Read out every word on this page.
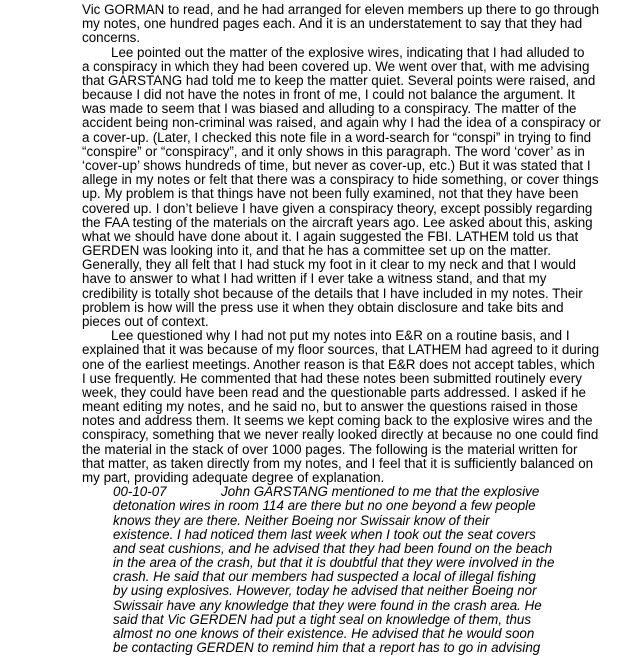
Vic GORMAN to read, and he had arranged for eleven members up there to go through
my notes, one hundred pages each. And it is an understatement to say that they had
concerns.
Lee pointed out the matter of the explosive wires, indicating that I had alluded to
a conspiracy in which they had been covered up. We went over that, with me advising
that GARSTANG had told me to keep the matter quiet. Several points were raised, and
because I did not have the notes in front of me, I could not balance the argument. It
was made to seem that I was biased and alluding to a conspiracy. The matter of the
accident being non-criminal was raised, and again why I had the idea of a conspiracy or
a cover-up. (Later, I checked this note file in a word-search for “conspi” in trying to find
“conspire” or “conspiracy”, and it only shows in this paragraph. The word ‘cover’ as in
‘cover-up’ shows hundreds of time, but never as cover-up, etc.) But it was stated that I
allege in my notes or felt that there was a conspiracy to hide something, or cover things
up. My problem is that things have not been fully examined, not that they have been
covered up. I don’t believe I have given a conspiracy theory, except possibly regarding
the FAA testing of the materials on the aircraft years ago. Lee asked about this, asking
what we should have done about it. I again suggested the FBI. LATHEM told us that
GERDEN was looking into it, and that he has a committee set up on the matter.
Generally, they all felt that I had stuck my foot in it clear to my neck and that I would
have to answer to what I had written if I ever take a witness stand, and that my
credibility is totally shot because of the details that I have included in my notes. Their
problem is how will the press use it when they obtain disclosure and take bits and
pieces out of context.
Lee questioned why I had not put my notes into E&R on a routine basis, and I
explained that it was because of my floor sources, that LATHEM had agreed to it during
one of the earliest meetings. Another reason is that E&R does not accept tables, which
I use frequently. He commented that had these notes been submitted routinely every
week, they could have been read and the questionable parts addressed. I asked if he
meant editing my notes, and he said no, but to answer the questions raised in those
notes and address them. It seems we kept coming back to the explosive wires and the
conspiracy, something that we never really looked directly at because no one could find
the material in the stack of over 1000 pages. The following is the material written for
that matter, as taken directly from my notes, and I feel that it is sufficiently balanced on
my part, providing adequate degree of explanation.
00-10-07	John GARSTANG mentioned to me that the explosive
detonation wires in room 114 are there but no one beyond a few people
knows they are there. Neither Boeing nor Swissair know of their
existence. I had noticed them last week when I took out the seat covers
and seat cushions, and he advised that they had been found on the beach
in the area of the crash, but that it is doubtful that they were involved in the
crash. He said that our members had suspected a local of illegal fishing
by using explosives. However, today he advised that neither Boeing nor
Swissair have any knowledge that they were found in the crash area. He
said that Vic GERDEN had put a tight seal on knowledge of them, thus
almost no one knows of their existence. He advised that he would soon
be contacting GERDEN to remind him that a report has to go in advising
